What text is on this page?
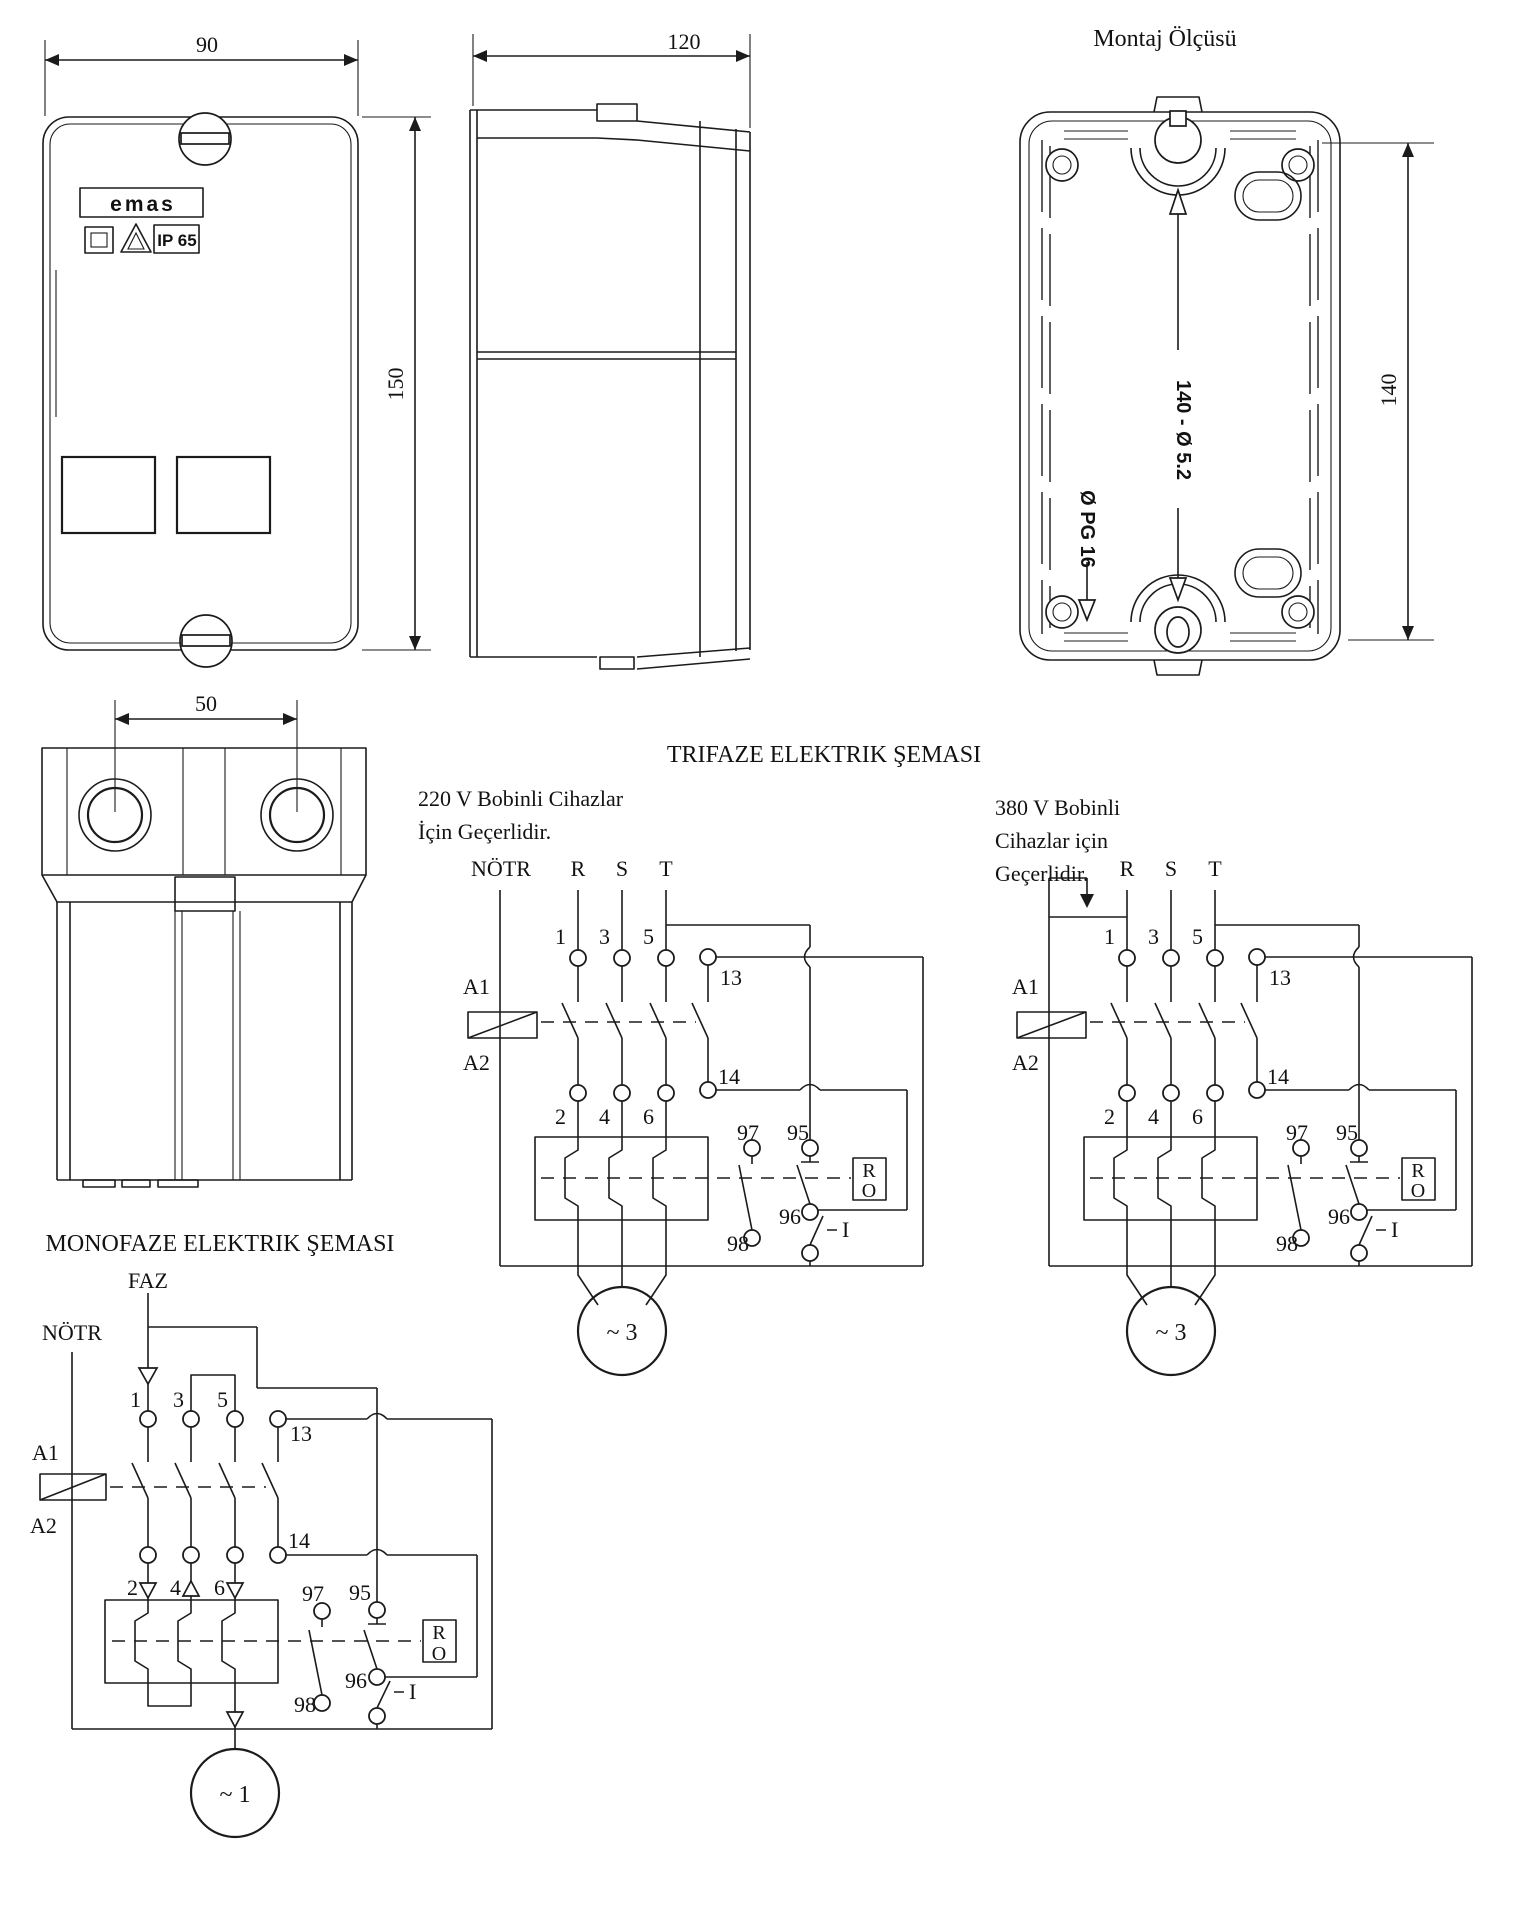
90
150
emas
IP 65
120	Montaj Ölçüsü
140 - Ø 5.2
Ø PG 16
140
50
TRIFAZE ELEKTRIK ŞEMASI
220 V Bobinli Cihazlar
İçin Geçerlidir.
NÖTR R S T
R
O
~ 3
1 3 5
13
14
A1
A2
2 4 6
97 95
96
98
I
380 V Bobinli
Cihazlar için
Geçerlidir. R S T
R
O
~ 3
1 3 5
13
14
A1
A2
2 4 6
97 95
96
98
I
MONOFAZE ELEKTRIK ŞEMASI
FAZ
NÖTR
R
O
~ 1
1 3 5
13
14
A1
A2
2 4 6	97 95
96
98
I
